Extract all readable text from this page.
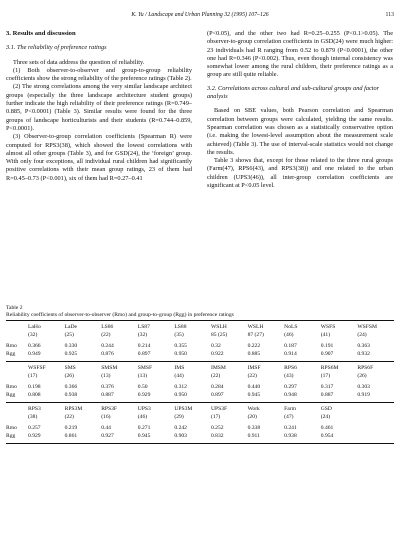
K. Yu / Landscape and Urban Planning 32 (1995) 107–126	113
3. Results and discussion
3.1. The reliability of preference ratings

Three sets of data address the question of reliability.

(1) Both observer-to-observer and group-to-group reliability coefficients show the strong reliability of the preference ratings (Table 2).

(2) The strong correlations among the very similar landscape architect groups (especially the three landscape architecture student groups) further indicate the high reliability of their preference ratings (R=0.749–0.885, P<0.0001) (Table 3). Similar results were found for the three groups of landscape horticulturists and their students (R=0.744–0.859, P<0.0001).

(3) Observer-to-group correlation coefficients (Spearman R) were computed for RPS3(38), which showed the lowest correlations with almost all other groups (Table 3), and for GSD(24), the ‘foreign’ group. With only four exceptions, all individual rural children had significantly positive correlations with their mean group ratings, 23 of them had R=0.45–0.73 (P<0.001), six of them had R=0.27–0.41

(P<0.05), and the other two had R=0.25–0.255 (P<0.1>0.05). The observer-to-group correlation coefficients in GSD(24) were much higher: 23 individuals had R ranging from 0.52 to 0.879 (P<0.0001), the other one had R=0.346 (P<0.002). Thus, even though internal consistency was somewhat lower among the rural children, their preference ratings as a group are still quite reliable.

3.2. Correlations across cultural and sub-cultural groups and factor analysis

Based on SBE values, both Pearson correlation and Spearman correlation between groups were calculated, yielding the same results. Spearman correlation was chosen as a statistically conservative option (i.e. making the lowest-level assumption about the measurement scale achieved) (Table 3). The use of interval-scale statistics would not change the results.

Table 3 shows that, except for those related to the three rural groups (Farm(47), RPS6(43), and RPS3(38)) and one related to the urban children (UPS3(46)), all inter-group correlation coefficients are significant at P<0.05 level.

Table 2
Reliability coefficients of observer-to-observer (Rmo) and group-to-group (Rgg) in preference ratings
	LaHo	LaDe	LS86	LS87	LS88	WSLH	WSLH	NoLS	WSFS	WSFSM
	(32)	(25)	(22)	(32)	(35)	85 (25)	87 (27)	(46)	(41)	(24)

Rmo	0.366	0.330	0.244	0.214	0.355	0.32	0.222	0.187	0.191	0.363
Rgg	0.949	0.925	0.876	0.897	0.950	0.922	0.885	0.914	0.907	0.932
	WSFSF	SMS	SMSM	SMSF	IMS	IMSM	IMSF	RPS6	RPS6M	RPS6F
	(17)	(26)	(13)	(13)	(44)	(22)	(22)	(43)	(17)	(26)

Rmo	0.198	0.366	0.376	0.50	0.312	0.284	0.440	0.297	0.317	0.303
Rgg	0.808	0.938	0.887	0.929	0.950	0.897	0.945	0.948	0.887	0.919
	RPS3	RPS3M	RPS3F	UPS3	UPS3M	UPS3F	Work	Farm	GSD
	(38)	(22)	(16)	(46)	(29)	(17)	(20)	(47)	(24)

Rmo	0.257	0.219	0.44	0.271	0.242	0.252	0.338	0.241	0.461
Rgg	0.929	0.861	0.927	0.945	0.903	0.832	0.911	0.938	0.954
